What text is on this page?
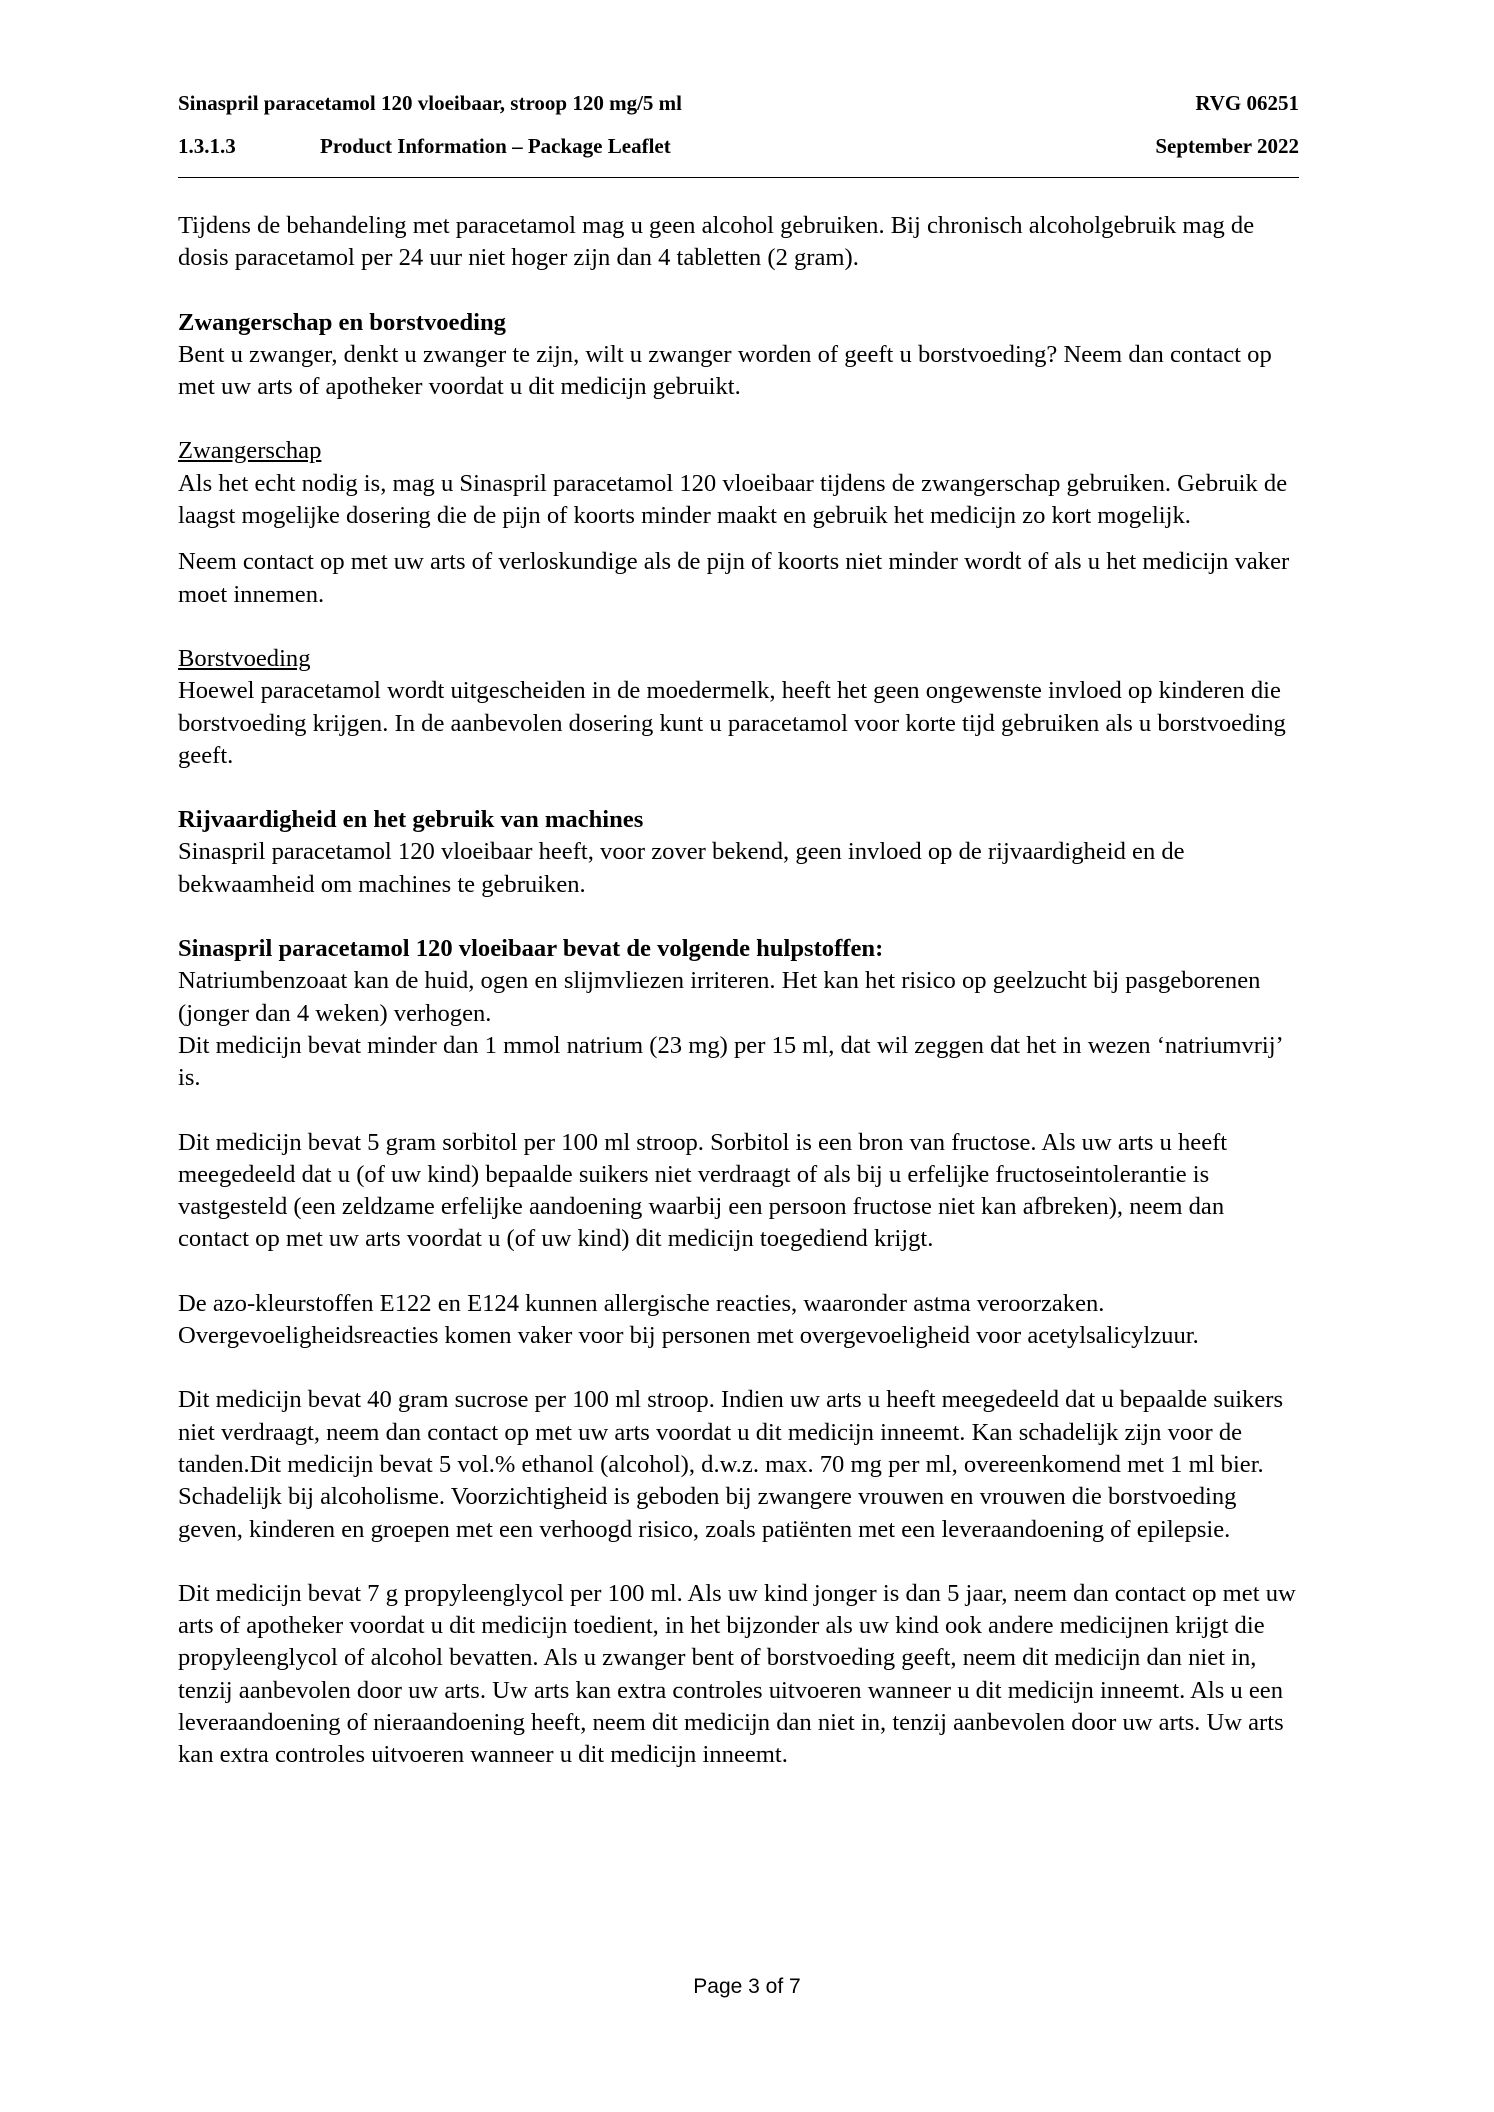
Sinaspril paracetamol 120 vloeibaar, stroop 120 mg/5 ml	RVG 06251
1.3.1.3	Product Information – Package Leaflet	September 2022

Tijdens de behandeling met paracetamol mag u geen alcohol gebruiken. Bij chronisch alcoholgebruik mag de dosis paracetamol per 24 uur niet hoger zijn dan 4 tabletten (2 gram).

Zwangerschap en borstvoeding

Bent u zwanger, denkt u zwanger te zijn, wilt u zwanger worden of geeft u borstvoeding? Neem dan contact op met uw arts of apotheker voordat u dit medicijn gebruikt.

Zwangerschap

Als het echt nodig is, mag u Sinaspril paracetamol 120 vloeibaar tijdens de zwangerschap gebruiken. Gebruik de laagst mogelijke dosering die de pijn of koorts minder maakt en gebruik het medicijn zo kort mogelijk.

Neem contact op met uw arts of verloskundige als de pijn of koorts niet minder wordt of als u het medicijn vaker moet innemen.

Borstvoeding

Hoewel paracetamol wordt uitgescheiden in de moedermelk, heeft het geen ongewenste invloed op kinderen die borstvoeding krijgen. In de aanbevolen dosering kunt u paracetamol voor korte tijd gebruiken als u borstvoeding geeft.

Rijvaardigheid en het gebruik van machines

Sinaspril paracetamol 120 vloeibaar heeft, voor zover bekend, geen invloed op de rijvaardigheid en de bekwaamheid om machines te gebruiken.

Sinaspril paracetamol 120 vloeibaar bevat de volgende hulpstoffen:

Natriumbenzoaat kan de huid, ogen en slijmvliezen irriteren. Het kan het risico op geelzucht bij pasgeborenen (jonger dan 4 weken) verhogen.

Dit medicijn bevat minder dan 1 mmol natrium (23 mg) per 15 ml, dat wil zeggen dat het in wezen ‘natriumvrij’ is.

Dit medicijn bevat 5 gram sorbitol per 100 ml stroop. Sorbitol is een bron van fructose. Als uw arts u heeft meegedeeld dat u (of uw kind) bepaalde suikers niet verdraagt of als bij u erfelijke fructoseintolerantie is vastgesteld (een zeldzame erfelijke aandoening waarbij een persoon fructose niet kan afbreken), neem dan contact op met uw arts voordat u (of uw kind) dit medicijn toegediend krijgt.

De azo-kleurstoffen E122 en E124 kunnen allergische reacties, waaronder astma veroorzaken. Overgevoeligheidsreacties komen vaker voor bij personen met overgevoeligheid voor acetylsalicylzuur.

Dit medicijn bevat 40 gram sucrose per 100 ml stroop. Indien uw arts u heeft meegedeeld dat u bepaalde suikers niet verdraagt, neem dan contact op met uw arts voordat u dit medicijn inneemt. Kan schadelijk zijn voor de tanden.Dit medicijn bevat 5 vol.% ethanol (alcohol), d.w.z. max. 70 mg per ml, overeenkomend met 1 ml bier. Schadelijk bij alcoholisme. Voorzichtigheid is geboden bij zwangere vrouwen en vrouwen die borstvoeding geven, kinderen en groepen met een verhoogd risico, zoals patiënten met een leveraandoening of epilepsie.

Dit medicijn bevat 7 g propyleenglycol per 100 ml. Als uw kind jonger is dan 5 jaar, neem dan contact op met uw arts of apotheker voordat u dit medicijn toedient, in het bijzonder als uw kind ook andere medicijnen krijgt die propyleenglycol of alcohol bevatten. Als u zwanger bent of borstvoeding geeft, neem dit medicijn dan niet in, tenzij aanbevolen door uw arts. Uw arts kan extra controles uitvoeren wanneer u dit medicijn inneemt. Als u een leveraandoening of nieraandoening heeft, neem dit medicijn dan niet in, tenzij aanbevolen door uw arts. Uw arts kan extra controles uitvoeren wanneer u dit medicijn inneemt.

Page 3 of 7
